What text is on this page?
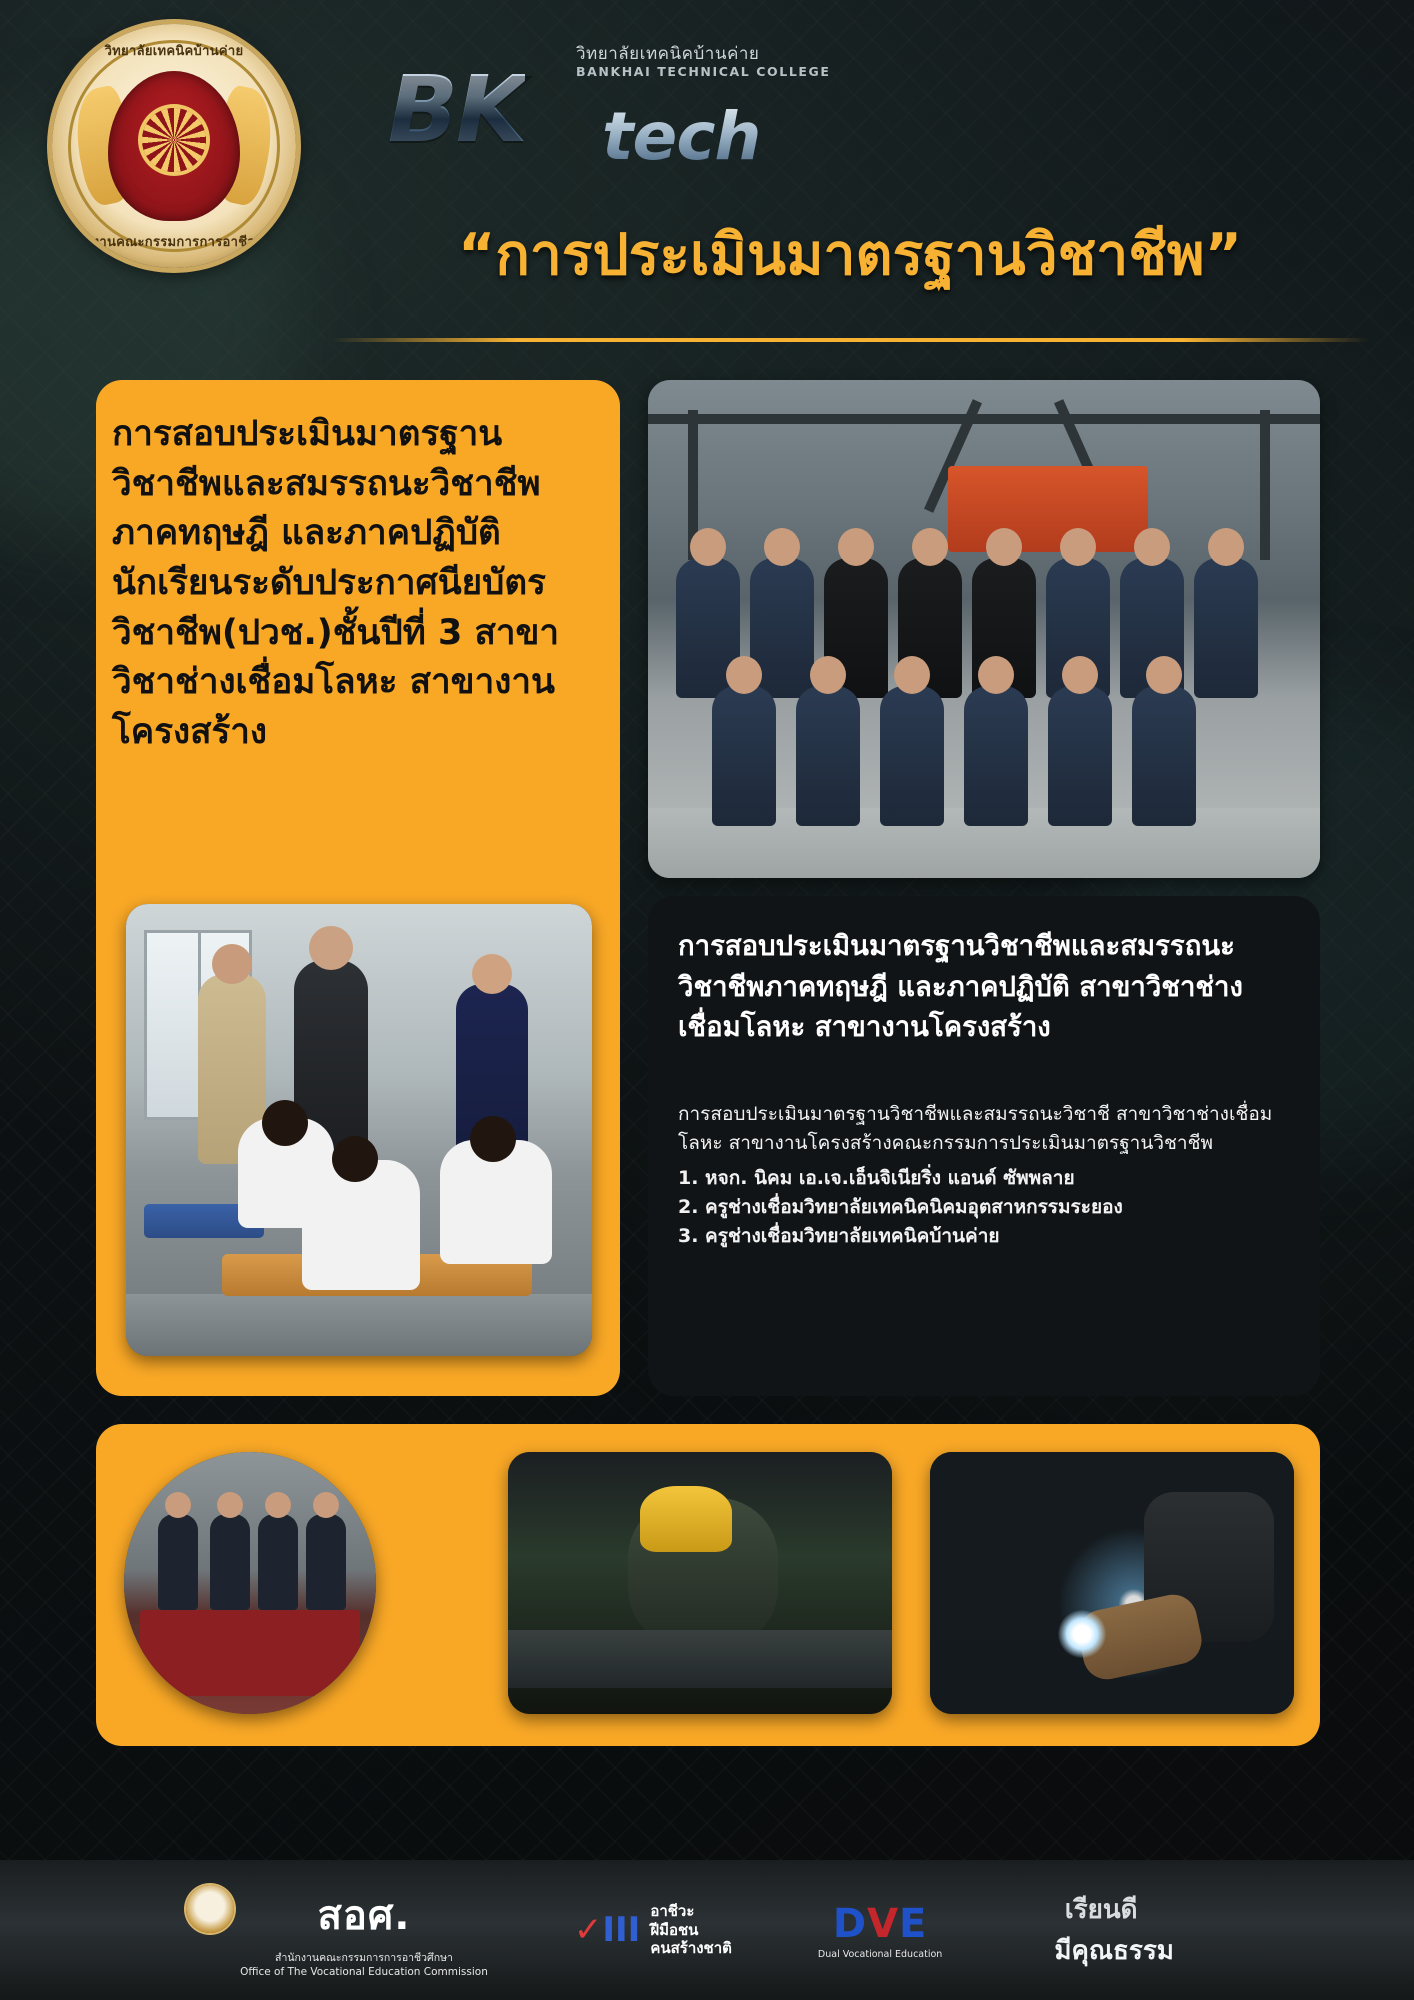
วิทยาลัยเทคนิคบ้านค่าย
สำนักงานคณะกรรมการการอาชีวศึกษา
วิทยาลัยเทคนิคบ้านค่าย
BANKHAI TECHNICAL COLLEGE
BK tech
“การประเมินมาตรฐานวิชาชีพ”
การสอบประเมินมาตรฐานวิชาชีพและสมรรถนะวิชาชีพภาคทฤษฎี และภาคปฏิบัติ นักเรียนระดับประกาศนียบัตรวิชาชีพ(ปวช.)ชั้นปีที่ 3 สาขาวิชาช่างเชื่อมโลหะ สาขางานโครงสร้าง
การสอบประเมินมาตรฐานวิชาชีพและสมรรถนะวิชาชีพภาคทฤษฎี และภาคปฏิบัติ สาขาวิชาช่างเชื่อมโลหะ สาขางานโครงสร้าง
การสอบประเมินมาตรฐานวิชาชีพและสมรรถนะวิชาชี สาขาวิชาช่างเชื่อมโลหะ สาขางานโครงสร้างคณะกรรมการประเมินมาตรฐานวิชาชีพ
1. หจก. นิคม เอ.เจ.เอ็นจิเนียริ่ง แอนด์ ซัพพลาย
2. ครูช่างเชื่อมวิทยาลัยเทคนิคนิคมอุตสาหกรรมระยอง
3. ครูช่างเชื่อมวิทยาลัยเทคนิคบ้านค่าย
สอศ.
สำนักงานคณะกรรมการการอาชีวศึกษา
Office of The Vocational Education Commission
✓III อาชีวะ
ฝีมือชน
คนสร้างชาติ
DVE
Dual Vocational Education
เรียนดี
มีคุณธรรม
